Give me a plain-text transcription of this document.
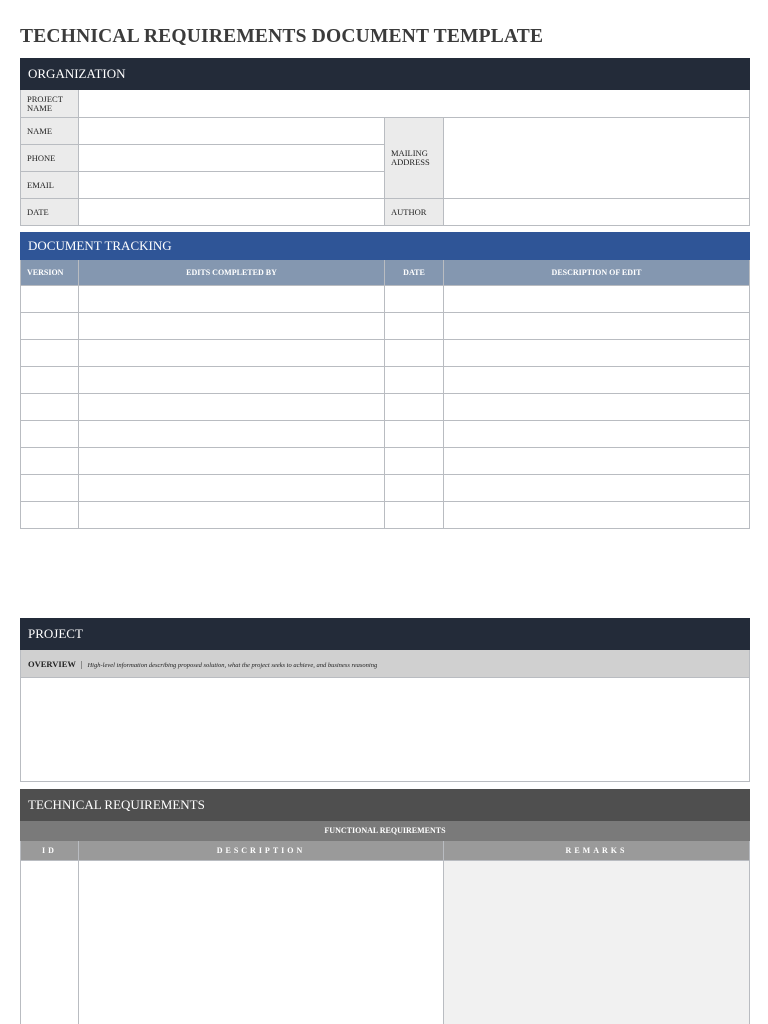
TECHNICAL REQUIREMENTS DOCUMENT TEMPLATE
ORGANIZATION			
PROJECT NAME			
NAME		MAILING ADDRESS	
PHONE			
EMAIL			
DATE		AUTHOR	
DOCUMENT TRACKING			
VERSION	EDITS COMPLETED BY	DATE	DESCRIPTION OF EDIT

PROJECT
OVERVIEW | High-level information describing proposed solution, what the project seeks to achieve, and business reasoning

TECHNICAL REQUIREMENTS		
FUNCTIONAL REQUIREMENTS		
ID	DESCRIPTION	REMARKS
